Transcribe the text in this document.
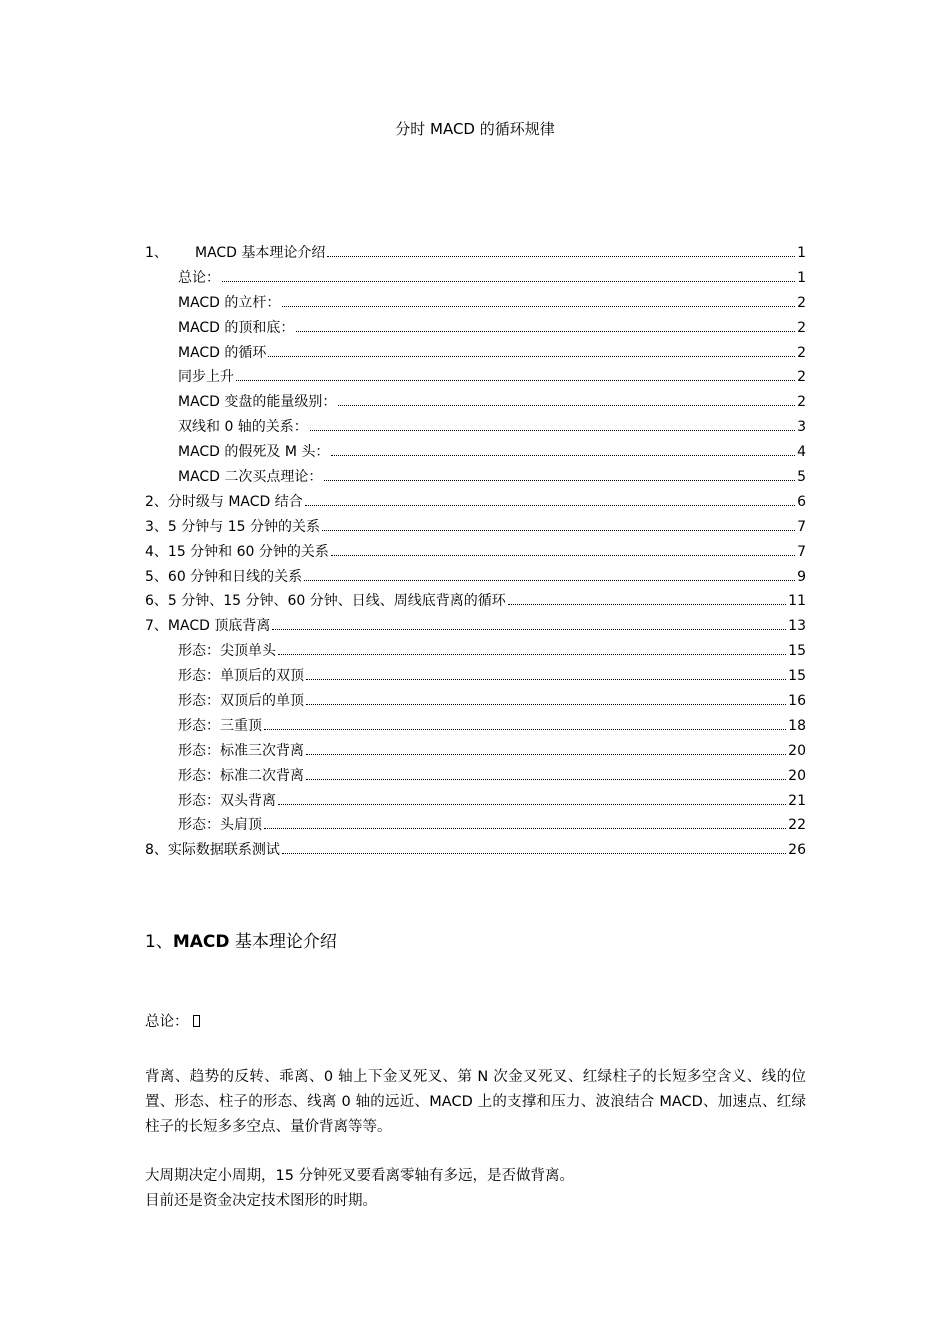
分时 MACD 的循环规律
1、	MACD 基本理论介绍	1
总论：	1
MACD 的立杆：	2
MACD 的顶和底：	2
MACD 的循环	2
同步上升	2
MACD 变盘的能量级别：	2
双线和 0 轴的关系：	3
MACD 的假死及 M 头：	4
MACD 二次买点理论：	5
2、分时级与 MACD 结合	6
3、5 分钟与 15 分钟的关系	7
4、15 分钟和 60 分钟的关系	7
5、60 分钟和日线的关系	9
6、5 分钟、15 分钟、60 分钟、日线、周线底背离的循环	11
7、MACD 顶底背离	13
形态：尖顶单头	15
形态：单顶后的双顶	15
形态：双顶后的单顶	16
形态：三重顶	18
形态：标准三次背离	20
形态：标准二次背离	20
形态：双头背离	21
形态：头肩顶	22
8、实际数据联系测试	26
1、MACD 基本理论介绍
总论：
背离、趋势的反转、乖离、0 轴上下金叉死叉、第 N 次金叉死叉、红绿柱子的长短多空含义、线的位置、形态、柱子的形态、线离 0 轴的远近、MACD 上的支撑和压力、波浪结合 MACD、加速点、红绿柱子的长短多多空点、量价背离等等。
大周期决定小周期，15 分钟死叉要看离零轴有多远，是否做背离。
目前还是资金决定技术图形的时期。
